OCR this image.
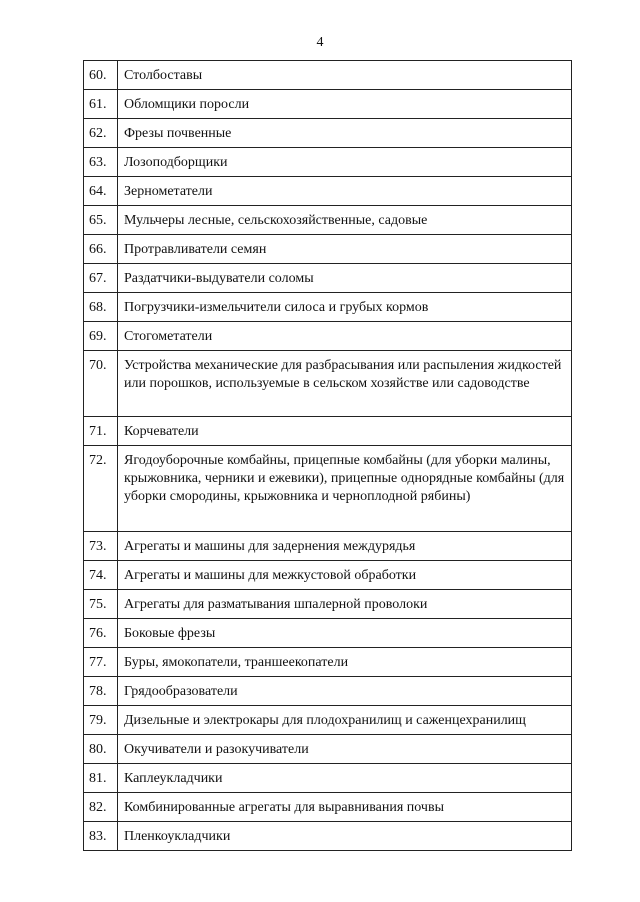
4
60.	Столбоставы
61.	Обломщики поросли
62.	Фрезы почвенные
63.	Лозоподборщики
64.	Зернометатели
65.	Мульчеры лесные, сельскохозяйственные, садовые
66.	Протравливатели семян
67.	Раздатчики-выдуватели соломы
68.	Погрузчики-измельчители силоса и грубых кормов
69.	Стогометатели
70.	Устройства механические для разбрасывания или распыления жидкостей или порошков, используемые в сельском хозяйстве или садоводстве
71.	Корчеватели
72.	Ягодоуборочные комбайны, прицепные комбайны (для уборки малины, крыжовника, черники и ежевики), прицепные однорядные комбайны (для уборки смородины, крыжовника и черноплодной рябины)
73.	Агрегаты и машины для задернения междурядья
74.	Агрегаты и машины для межкустовой обработки
75.	Агрегаты для разматывания шпалерной проволоки
76.	Боковые фрезы
77.	Буры, ямокопатели, траншеекопатели
78.	Грядообразователи
79.	Дизельные и электрокары для плодохранилищ и саженцехранилищ
80.	Окучиватели и разокучиватели
81.	Каплеукладчики
82.	Комбинированные агрегаты для выравнивания почвы
83.	Пленкоукладчики
